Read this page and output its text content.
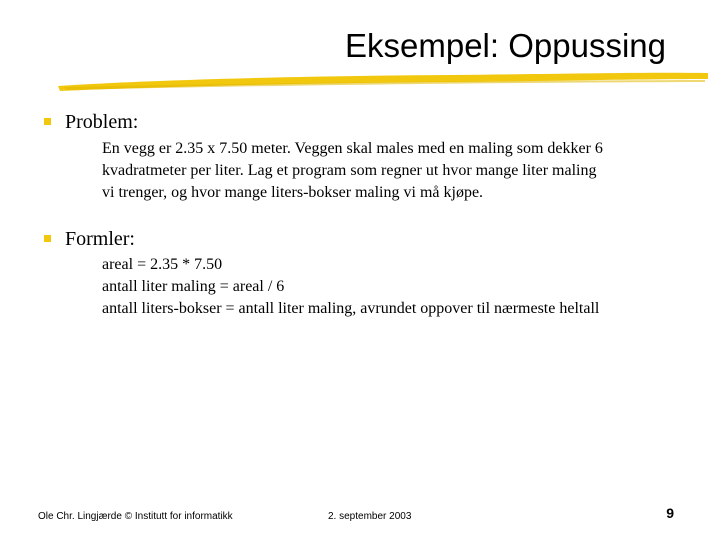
Eksempel: Oppussing
Problem:
En vegg er 2.35 x 7.50 meter. Veggen skal males med en maling som dekker 6
kvadratmeter per liter. Lag et program som regner ut hvor mange liter maling
vi trenger, og hvor mange liters-bokser maling vi må kjøpe.
Formler:
areal = 2.35 * 7.50
antall liter maling = areal / 6
antall liters-bokser = antall liter maling, avrundet oppover til nærmeste heltall
Ole Chr. Lingjærde © Institutt for informatikk	2. september 2003	9
